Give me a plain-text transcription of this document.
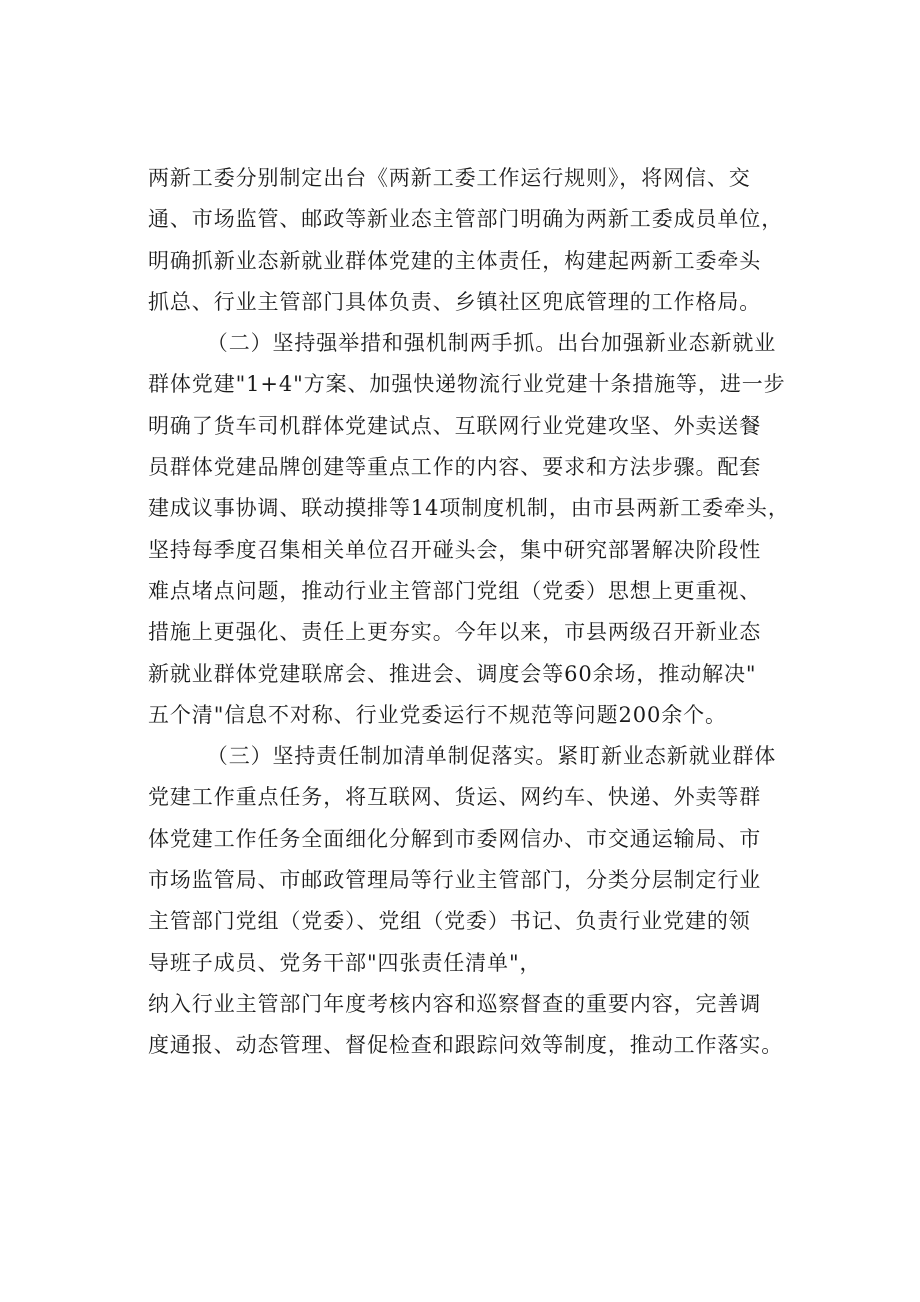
两新工委分别制定出台《两新工委工作运行规则》，将网信、交
通、市场监管、邮政等新业态主管部门明确为两新工委成员单位，
明确抓新业态新就业群体党建的主体责任，构建起两新工委牵头
抓总、行业主管部门具体负责、乡镇社区兜底管理的工作格局。
（二）坚持强举措和强机制两手抓。出台加强新业态新就业
群体党建"1+4"方案、加强快递物流行业党建十条措施等，进一步
明确了货车司机群体党建试点、互联网行业党建攻坚、外卖送餐
员群体党建品牌创建等重点工作的内容、要求和方法步骤。配套
建成议事协调、联动摸排等14项制度机制，由市县两新工委牵头，
坚持每季度召集相关单位召开碰头会，集中研究部署解决阶段性
难点堵点问题，推动行业主管部门党组（党委）思想上更重视、
措施上更强化、责任上更夯实。今年以来，市县两级召开新业态
新就业群体党建联席会、推进会、调度会等60余场，推动解决"
五个清"信息不对称、行业党委运行不规范等问题200余个。
（三）坚持责任制加清单制促落实。紧盯新业态新就业群体
党建工作重点任务，将互联网、货运、网约车、快递、外卖等群
体党建工作任务全面细化分解到市委网信办、市交通运输局、市
市场监管局、市邮政管理局等行业主管部门，分类分层制定行业
主管部门党组（党委）、党组（党委）书记、负责行业党建的领
导班子成员、党务干部"四张责任清单"，
纳入行业主管部门年度考核内容和巡察督查的重要内容，完善调
度通报、动态管理、督促检查和跟踪问效等制度，推动工作落实。
